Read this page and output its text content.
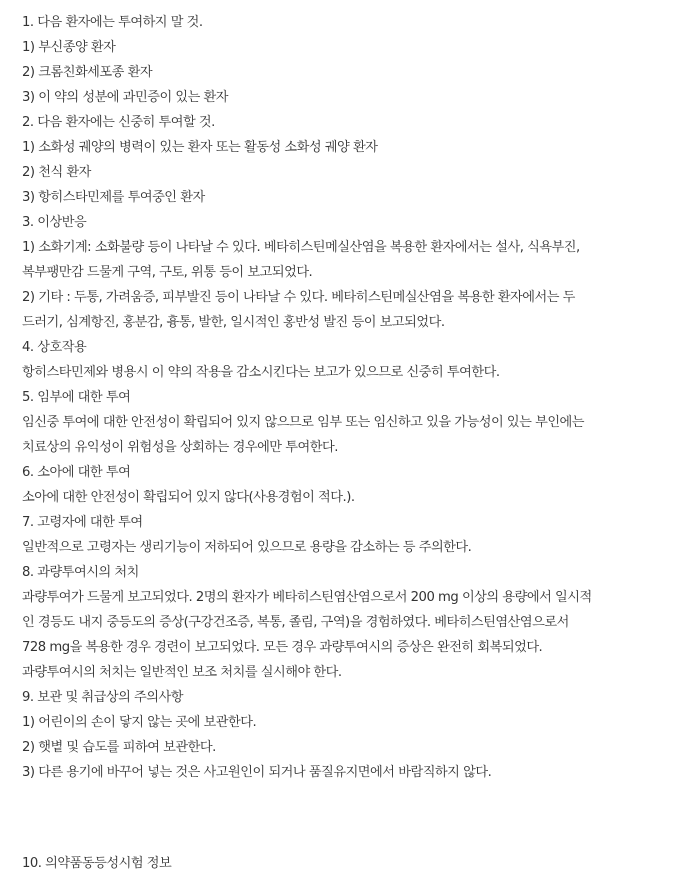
1. 다음 환자에는 투여하지 말 것.
1) 부신종양 환자
2) 크롬친화세포종 환자
3) 이 약의 성분에 과민증이 있는 환자
2. 다음 환자에는 신중히 투여할 것.
1) 소화성 궤양의 병력이 있는 환자 또는 활동성 소화성 궤양 환자
2) 천식 환자
3) 항히스타민제를 투여중인 환자
3. 이상반응
1) 소화기계: 소화불량 등이 나타날 수 있다. 베타히스틴메실산염을 복용한 환자에서는 설사, 식욕부진,
복부팽만감 드물게 구역, 구토, 위통 등이 보고되었다.
2) 기타 : 두통, 가려움증, 피부발진 등이 나타날 수 있다. 베타히스틴메실산염을 복용한 환자에서는 두
드러기, 심계항진, 홍분감, 흉통, 발한, 일시적인 홍반성 발진 등이 보고되었다.
4. 상호작용
항히스타민제와 병용시 이 약의 작용을 감소시킨다는 보고가 있으므로 신중히 투여한다.
5. 임부에 대한 투여
임신중 투여에 대한 안전성이 확립되어 있지 않으므로 임부 또는 임신하고 있을 가능성이 있는 부인에는
치료상의 유익성이 위험성을 상회하는 경우에만 투여한다.
6. 소아에 대한 투여
소아에 대한 안전성이 확립되어 있지 않다(사용경험이 적다.).
7. 고령자에 대한 투여
일반적으로 고령자는 생리기능이 저하되어 있으므로 용량을 감소하는 등 주의한다.
8. 과량투여시의 처치
과량투여가 드물게 보고되었다. 2명의 환자가 베타히스틴염산염으로서 200 mg 이상의 용량에서 일시적
인 경등도 내지 중등도의 증상(구강건조증, 복통, 졸림, 구역)을 경험하였다. 베타히스틴염산염으로서
728 mg을 복용한 경우 경련이 보고되었다. 모든 경우 과량투여시의 증상은 완전히 회복되었다.
과량투여시의 처치는 일반적인 보조 처치를 실시해야 한다.
9. 보관 및 취급상의 주의사항
1) 어린이의 손이 닿지 않는 곳에 보관한다.
2) 햇볕 및 습도를 피하여 보관한다.
3) 다른 용기에 바꾸어 넣는 것은 사고원인이 되거나 품질유지면에서 바람직하지 않다.
10. 의약품동등성시험 정보
